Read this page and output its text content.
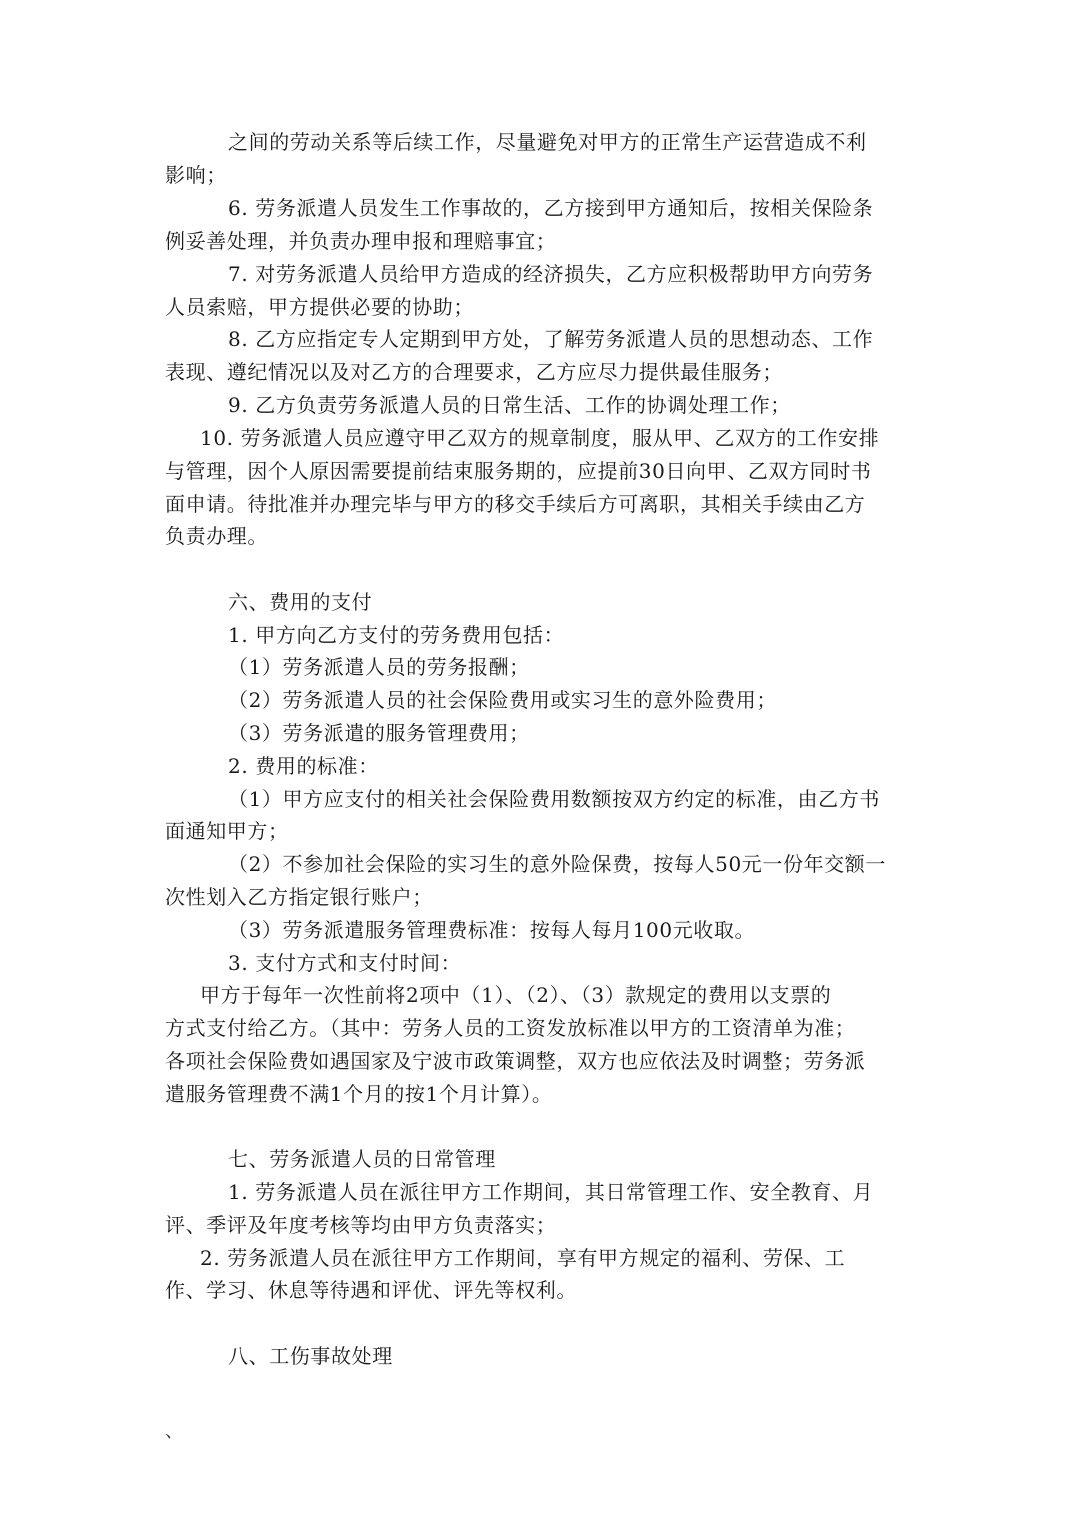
之间的劳动关系等后续工作，尽量避免对甲方的正常生产运营造成不利
影响；
6. 劳务派遣人员发生工作事故的，乙方接到甲方通知后，按相关保险条
例妥善处理，并负责办理申报和理赔事宜；
7. 对劳务派遣人员给甲方造成的经济损失，乙方应积极帮助甲方向劳务
人员索赔，甲方提供必要的协助；
8. 乙方应指定专人定期到甲方处，了解劳务派遣人员的思想动态、工作
表现、遵纪情况以及对乙方的合理要求，乙方应尽力提供最佳服务；
9. 乙方负责劳务派遣人员的日常生活、工作的协调处理工作；
10. 劳务派遣人员应遵守甲乙双方的规章制度，服从甲、乙双方的工作安排
与管理，因个人原因需要提前结束服务期的，应提前30日向甲、乙双方同时书
面申请。待批准并办理完毕与甲方的移交手续后方可离职，其相关手续由乙方
负责办理。
六、费用的支付
1. 甲方向乙方支付的劳务费用包括：
（1）劳务派遣人员的劳务报酬；
（2）劳务派遣人员的社会保险费用或实习生的意外险费用；
（3）劳务派遣的服务管理费用；
2. 费用的标准：
（1）甲方应支付的相关社会保险费用数额按双方约定的标准，由乙方书
面通知甲方；
（2）不参加社会保险的实习生的意外险保费，按每人50元一份年交额一
次性划入乙方指定银行账户；
（3）劳务派遣服务管理费标准：按每人每月100元收取。
3. 支付方式和支付时间：
甲方于每年一次性前将2项中（1）、（2）、（3）款规定的费用以支票的
方式支付给乙方。（其中：劳务人员的工资发放标准以甲方的工资清单为准；
各项社会保险费如遇国家及宁波市政策调整，双方也应依法及时调整；劳务派
遣服务管理费不满1个月的按1个月计算）。
七、劳务派遣人员的日常管理
1. 劳务派遣人员在派往甲方工作期间，其日常管理工作、安全教育、月
评、季评及年度考核等均由甲方负责落实；
2. 劳务派遣人员在派往甲方工作期间，享有甲方规定的福利、劳保、工
作、学习、休息等待遇和评优、评先等权利。
八、工伤事故处理
、
